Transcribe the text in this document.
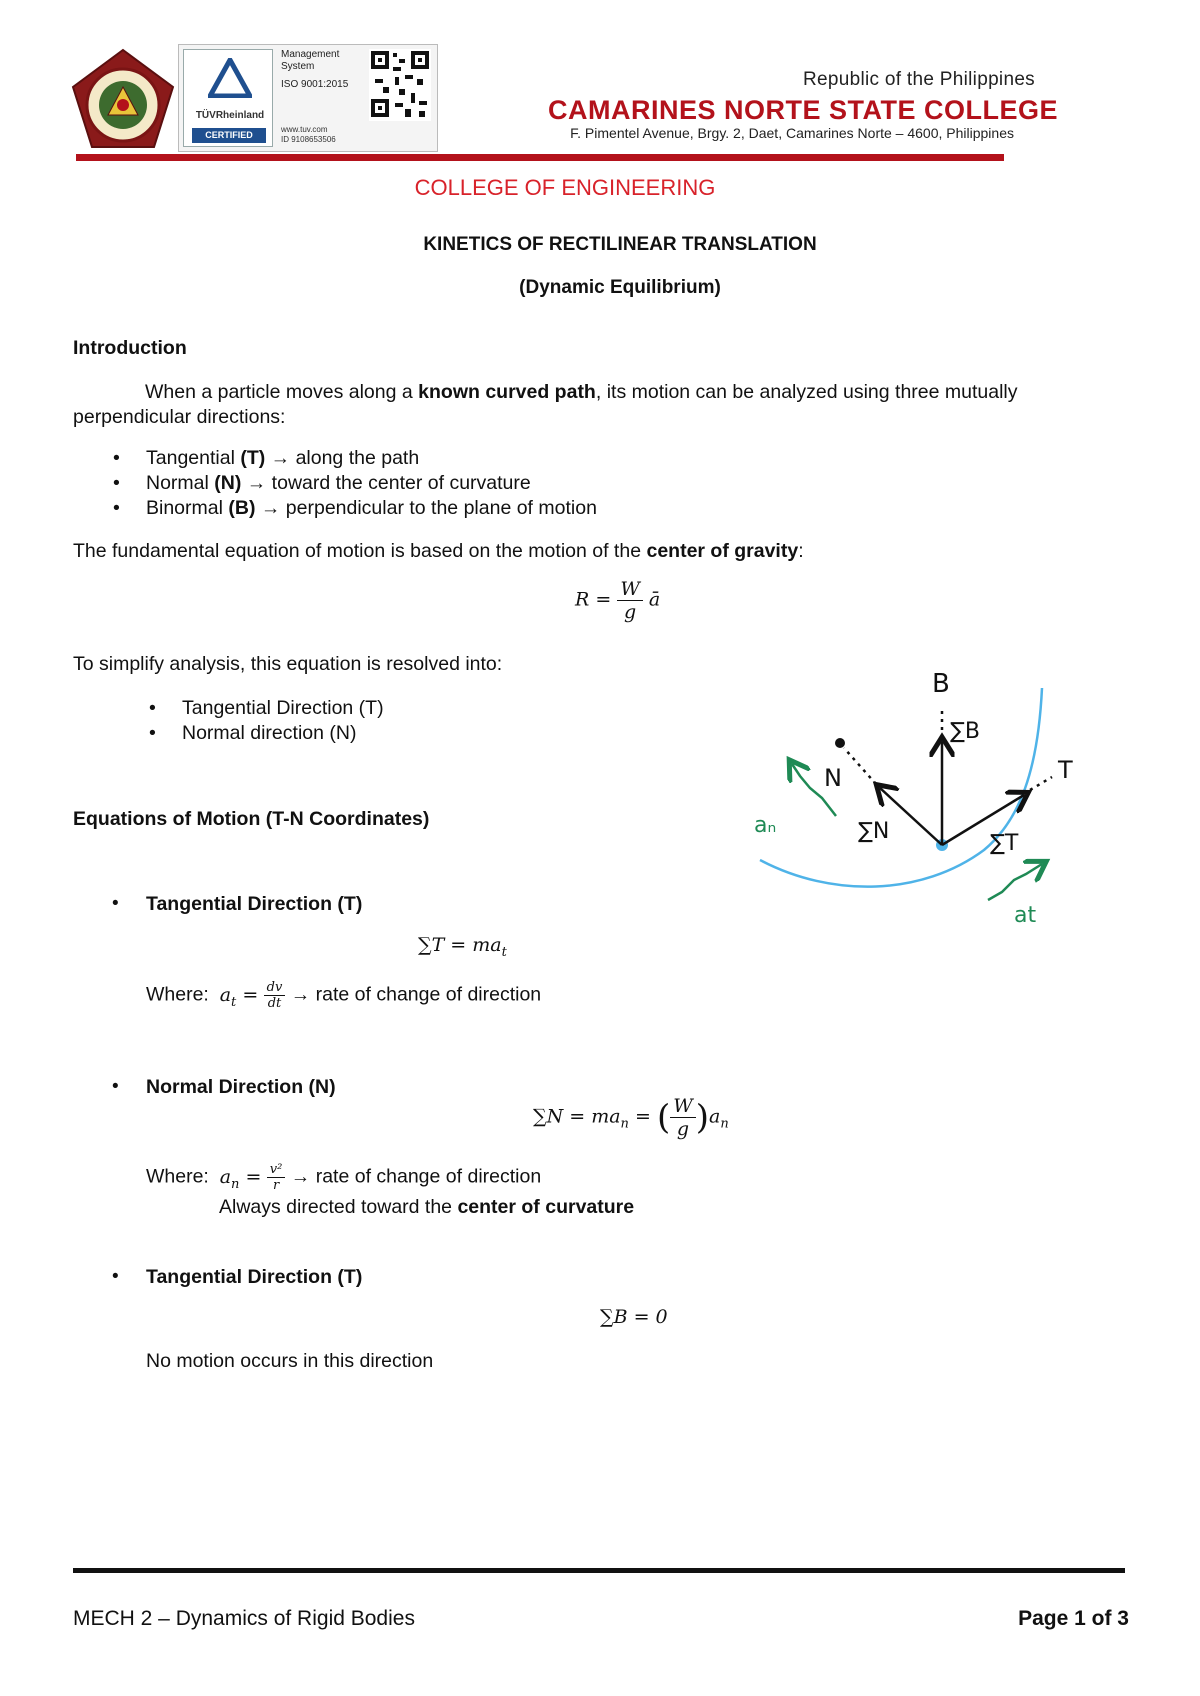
TÜVRheinland
CERTIFIED
Management System
ISO 9001:2015
www.tuv.com
ID 9108653506
Republic of the Philippines
CAMARINES NORTE STATE COLLEGE
F. Pimentel Avenue, Brgy. 2, Daet, Camarines Norte – 4600, Philippines
COLLEGE OF ENGINEERING
KINETICS OF RECTILINEAR TRANSLATION
(Dynamic Equilibrium)
Introduction
When a particle moves along a known curved path, its motion can be analyzed using three mutually perpendicular directions:
• Tangential (T) → along the path
• Normal (N) → toward the center of curvature
• Binormal (B) → perpendicular to the plane of motion
The fundamental equation of motion is based on the motion of the center of gravity:
$R = \frac{W}{g}$ ā
To simplify analysis, this equation is resolved into:
• Tangential Direction (T)
• Normal direction (N)
Equations of Motion (T-N Coordinates)
• Tangential Direction (T)
$\sum T = ma_t$
Where: $a_t = \frac{dv}{dt}$ → rate of change of direction
• Normal Direction (N)
$\sum N = ma_n$ = ( $\frac{W}{g} )a_n$
Where: $a_n = \frac{\text{v²}}{r}$ → rate of change of direction
Always directed toward the center of curvature
• Tangential Direction (T)
∑B = 0
No motion occurs in this direction
B
∑B
N
∑N
T
∑T
aₙ
at
MECH 2 – Dynamics of Rigid Bodies	Page 1 of 3
